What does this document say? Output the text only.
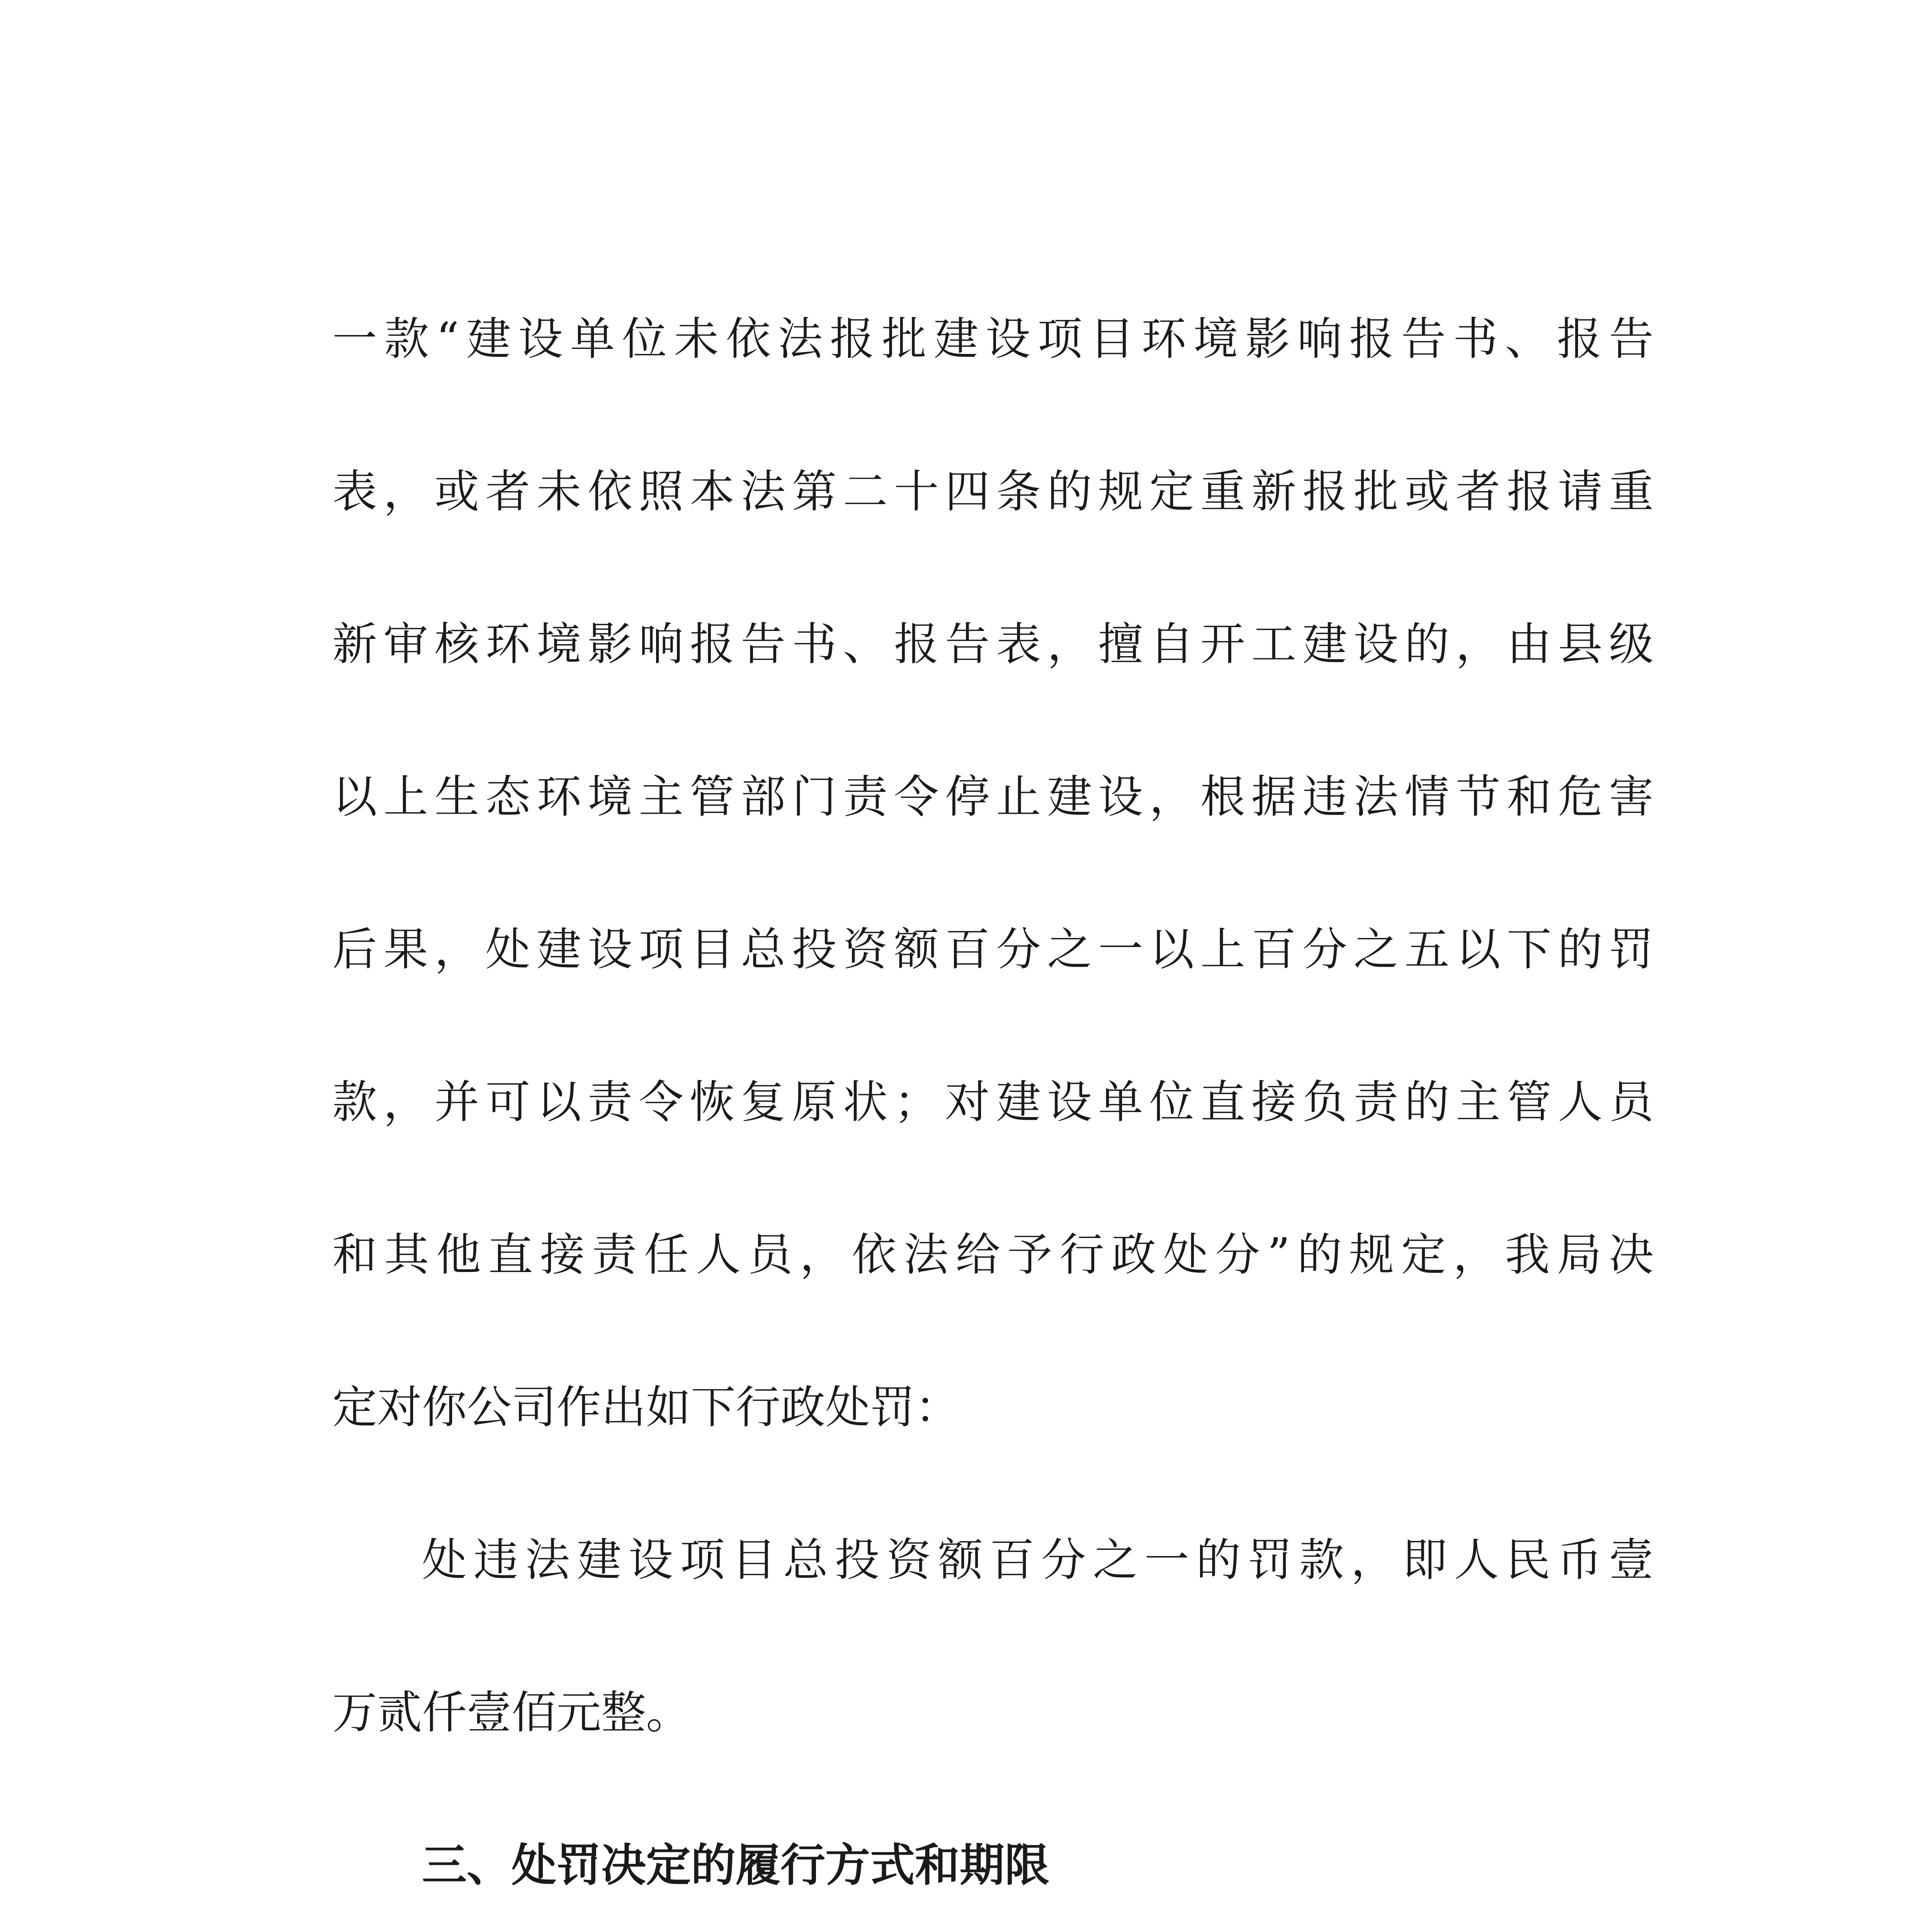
一款“建设单位未依法报批建设项目环境影响报告书、报告
表，或者未依照本法第二十四条的规定重新报批或者报请重
新审核环境影响报告书、报告表，擅自开工建设的，由县级
以上生态环境主管部门责令停止建设，根据违法情节和危害
后果，处建设项目总投资额百分之一以上百分之五以下的罚
款，并可以责令恢复原状；对建设单位直接负责的主管人员
和其他直接责任人员，依法给予行政处分”的规定，我局决
定对你公司作出如下行政处罚：
处违法建设项目总投资额百分之一的罚款，即人民币壹
万贰仟壹佰元整。
三、处罚决定的履行方式和期限
